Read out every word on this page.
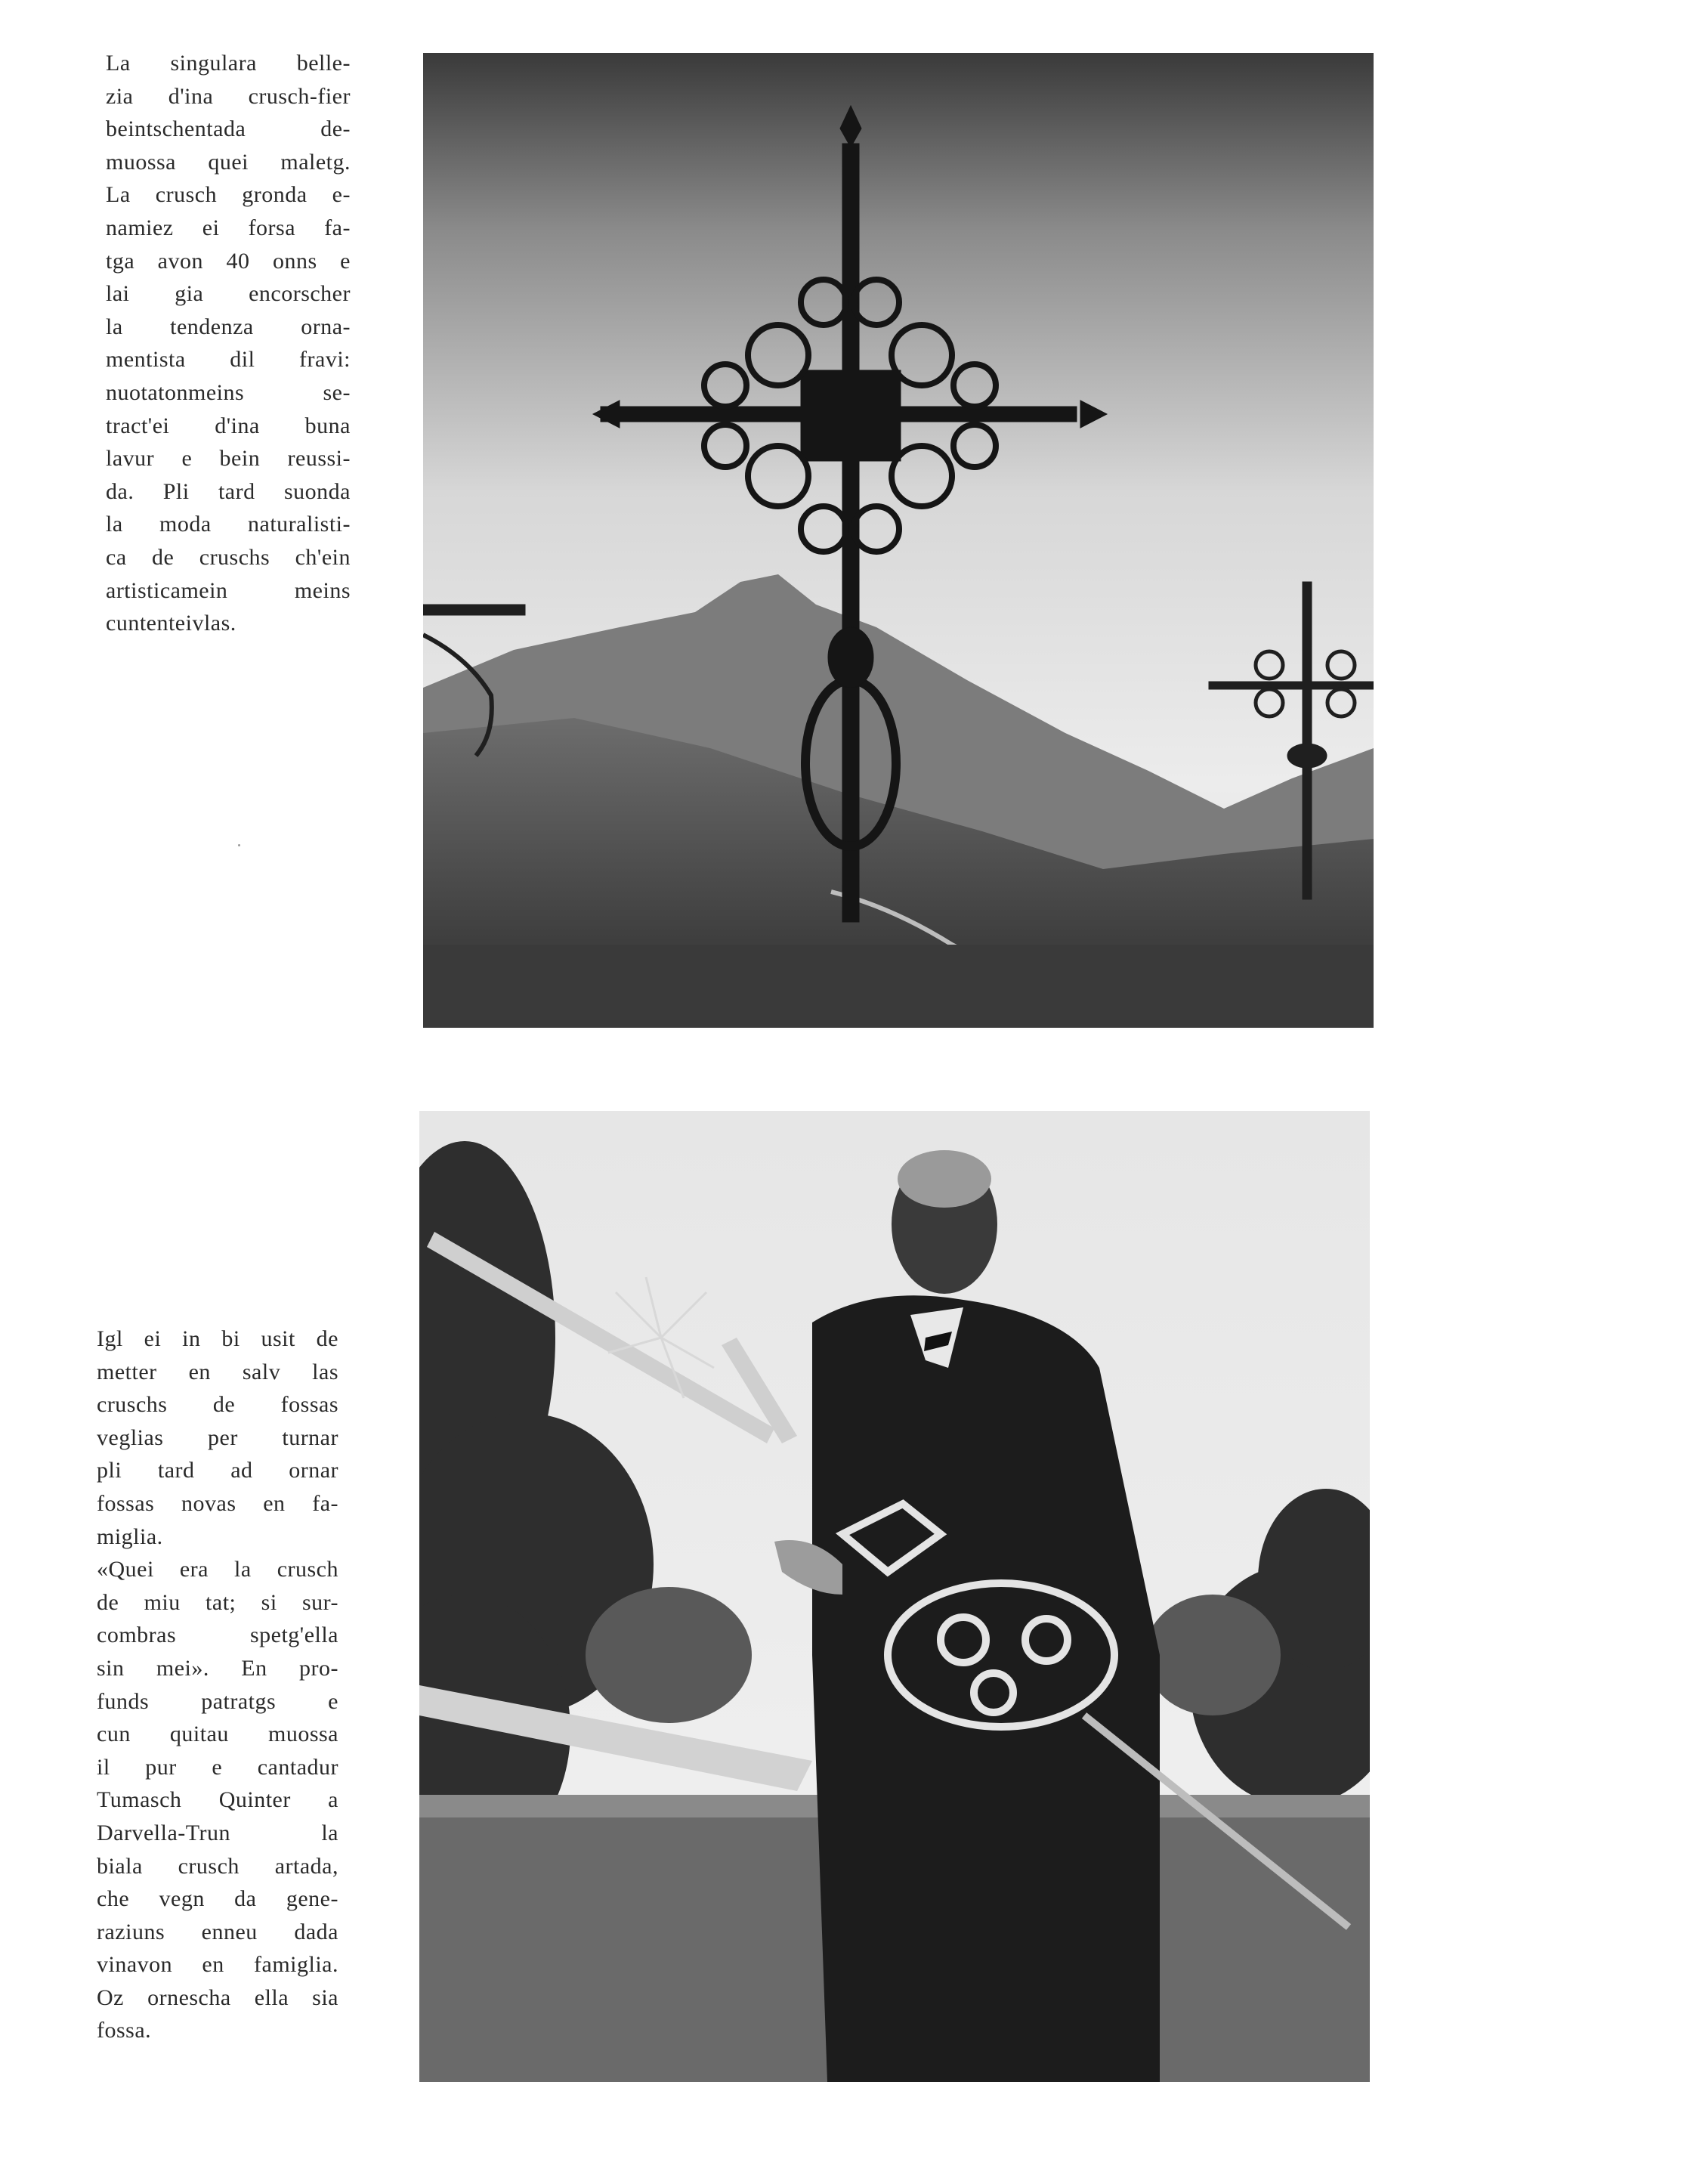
La singulara belle-
zia d'ina crusch-fier
beintschentada de-
muossa quei maletg.
La crusch gronda e-
namiez ei forsa fa-
tga avon 40 onns e
lai gia encorscher
la tendenza orna-
mentista dil fravi:
nuotatonmeins se-
tract'ei d'ina buna
lavur e bein reussi-
da. Pli tard suonda
la moda naturalisti-
ca de cruschs ch'ein
artisticamein meins
cuntenteivlas.
Igl ei in bi usit de
metter en salv las
cruschs de fossas
veglias per turnar
pli tard ad ornar
fossas novas en fa-
miglia.
«Quei era la crusch
de miu tat; si sur-
combras spetg'ella
sin mei». En pro-
funds patratgs e
cun quitau muossa
il pur e cantadur
Tumasch Quinter a
Darvella-Trun la
biala crusch artada,
che vegn da gene-
raziuns enneu dada
vinavon en famiglia.
Oz ornescha ella sia
fossa.
